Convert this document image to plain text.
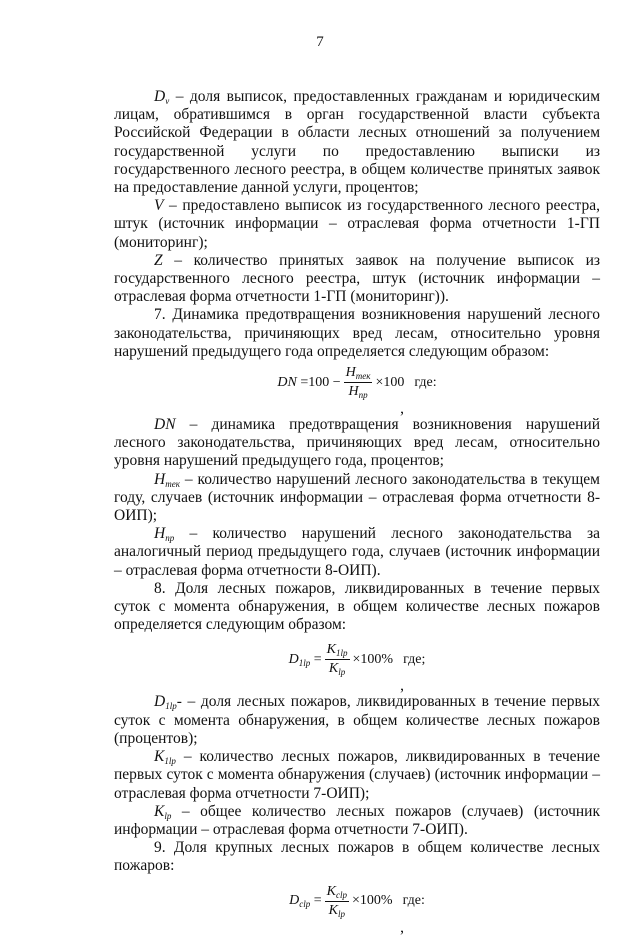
7

$D_v$ – доля выписок, предоставленных гражданам и юридическим лицам, обратившимся в орган государственной власти субъекта Российской Федерации в области лесных отношений за получением государственной услуги по предоставлению выписки из государственного лесного реестра, в общем количестве принятых заявок на предоставление данной услуги, процентов;

V – предоставлено выписок из государственного лесного реестра, штук (источник информации – отраслевая форма отчетности 1-ГП (мониторинг);

Z – количество принятых заявок на получение выписок из государственного лесного реестра, штук (источник информации – отраслевая форма отчетности 1-ГП (мониторинг)).

7. Динамика предотвращения возникновения нарушений лесного законодательства, причиняющих вред лесам, относительно уровня нарушений предыдущего года определяется следующим образом:

DN $=100 - \frac{H_{тек}}{H_{пр}} \times 100$ где:
,

DN – динамика предотвращения возникновения нарушений лесного законодательства, причиняющих вред лесам, относительно уровня нарушений предыдущего года, процентов;

$H_{тек}$ – количество нарушений лесного законодательства в текущем году, случаев (источник информации – отраслевая форма отчетности 8-ОИП);

$H_{пр}$ – количество нарушений лесного законодательства за аналогичный период предыдущего года, случаев (источник информации – отраслевая форма отчетности 8-ОИП).

8. Доля лесных пожаров, ликвидированных в течение первых суток с момента обнаружения, в общем количестве лесных пожаров определяется следующим образом:

$D_{1lp} = \frac{K_{1lp}}{K_{lp}} \times 100\%$ где;
,

$D_{1lp}-$ – доля лесных пожаров, ликвидированных в течение первых суток с момента обнаружения, в общем количестве лесных пожаров (процентов);

$K_{1lp}$ – количество лесных пожаров, ликвидированных в течение первых суток с момента обнаружения (случаев) (источник информации – отраслевая форма отчетности 7-ОИП);

$K_{lp}$ – общее количество лесных пожаров (случаев) (источник информации – отраслевая форма отчетности 7-ОИП).

9. Доля крупных лесных пожаров в общем количестве лесных пожаров:

$D_{clp} = \frac{K_{clp}}{K_{lp}} \times 100\%$ где:
,
